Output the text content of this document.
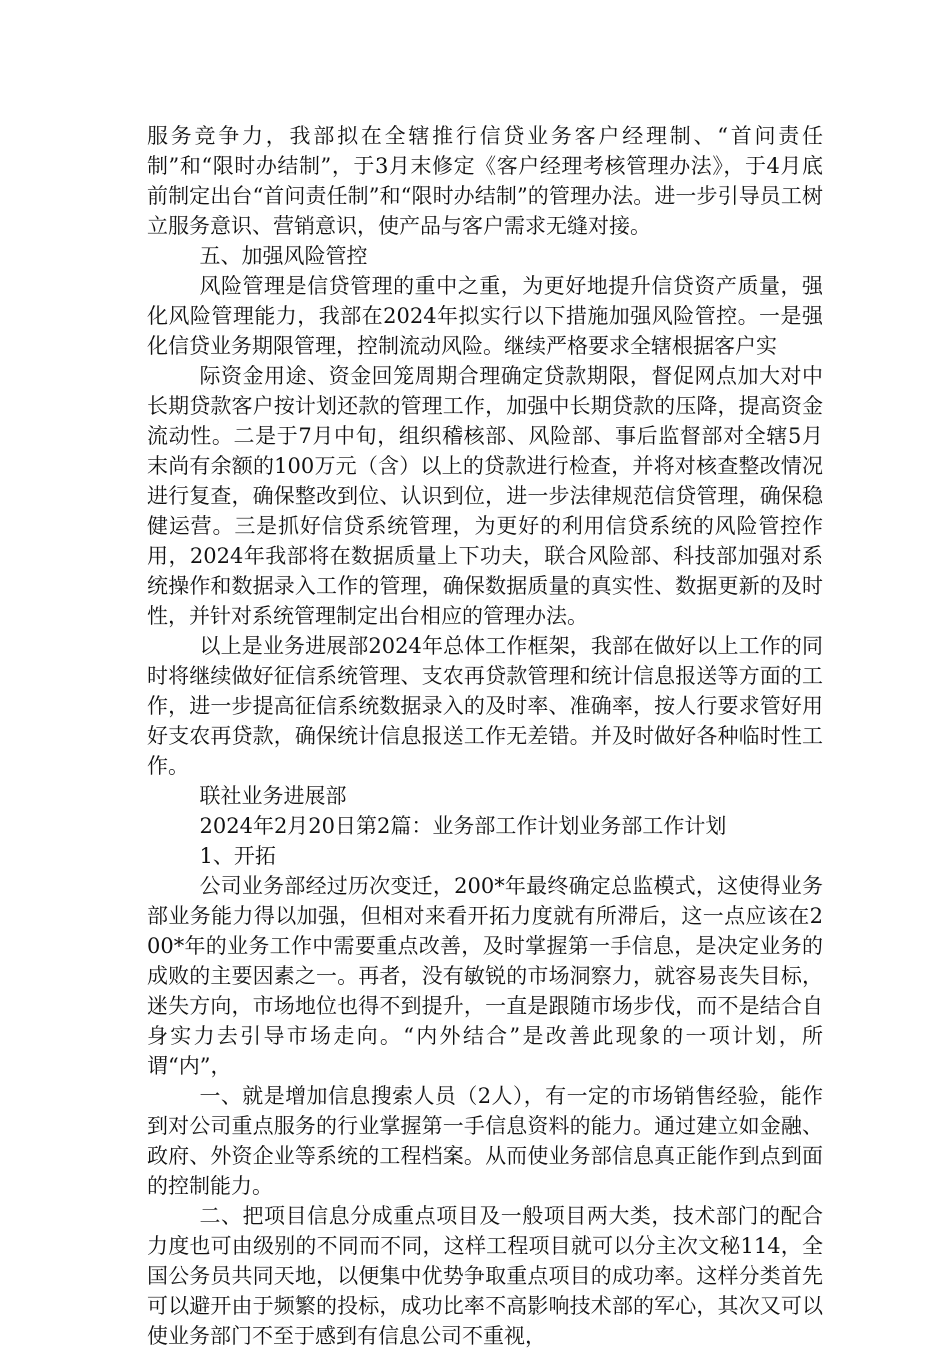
服务竞争力，我部拟在全辖推行信贷业务客户经理制、“首问责任制”和“限时办结制”，于3月末修定《客户经理考核管理办法》，于4月底前制定出台“首问责任制”和“限时办结制”的管理办法。进一步引导员工树立服务意识、营销意识，使产品与客户需求无缝对接。

五、加强风险管控

风险管理是信贷管理的重中之重，为更好地提升信贷资产质量，强化风险管理能力，我部在2024年拟实行以下措施加强风险管控。一是强化信贷业务期限管理，控制流动风险。继续严格要求全辖根据客户实

际资金用途、资金回笼周期合理确定贷款期限，督促网点加大对中长期贷款客户按计划还款的管理工作，加强中长期贷款的压降，提高资金流动性。二是于7月中旬，组织稽核部、风险部、事后监督部对全辖5月末尚有余额的100万元（含）以上的贷款进行检查，并将对核查整改情况进行复查，确保整改到位、认识到位，进一步法律规范信贷管理，确保稳健运营。三是抓好信贷系统管理，为更好的利用信贷系统的风险管控作用，2024年我部将在数据质量上下功夫，联合风险部、科技部加强对系统操作和数据录入工作的管理，确保数据质量的真实性、数据更新的及时性，并针对系统管理制定出台相应的管理办法。

以上是业务进展部2024年总体工作框架，我部在做好以上工作的同时将继续做好征信系统管理、支农再贷款管理和统计信息报送等方面的工作，进一步提高征信系统数据录入的及时率、准确率，按人行要求管好用好支农再贷款，确保统计信息报送工作无差错。并及时做好各种临时性工作。

联社业务进展部

2024年2月20日第2篇：业务部工作计划业务部工作计划

1、开拓

公司业务部经过历次变迁，200*年最终确定总监模式，这使得业务部业务能力得以加强，但相对来看开拓力度就有所滞后，这一点应该在200*年的业务工作中需要重点改善，及时掌握第一手信息，是决定业务的成败的主要因素之一。再者，没有敏锐的市场洞察力，就容易丧失目标，迷失方向，市场地位也得不到提升，一直是跟随市场步伐，而不是结合自身实力去引导市场走向。“内外结合”是改善此现象的一项计划，所谓“内”，

一、就是增加信息搜索人员（2人），有一定的市场销售经验，能作到对公司重点服务的行业掌握第一手信息资料的能力。通过建立如金融、政府、外资企业等系统的工程档案。从而使业务部信息真正能作到点到面的控制能力。

二、把项目信息分成重点项目及一般项目两大类，技术部门的配合力度也可由级别的不同而不同，这样工程项目就可以分主次文秘114，全国公务员共同天地，以便集中优势争取重点项目的成功率。这样分类首先可以避开由于频繁的投标，成功比率不高影响技术部的军心，其次又可以使业务部门不至于感到有信息公司不重视，
